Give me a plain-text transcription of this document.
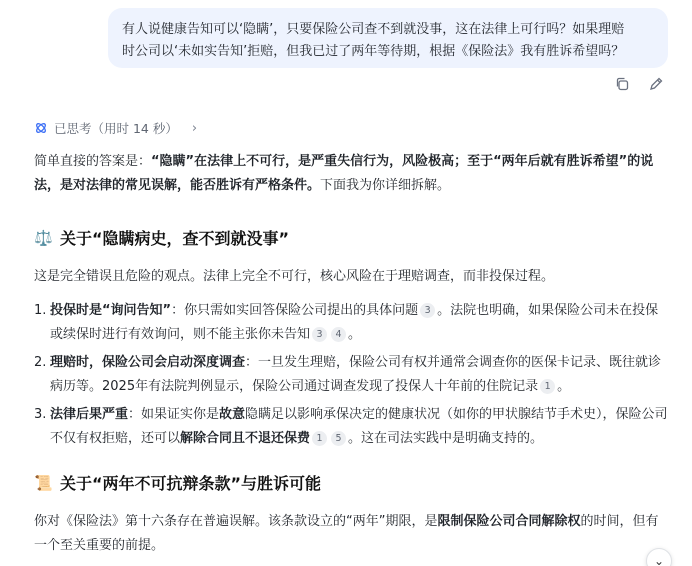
有人说健康告知可以‘隐瞒’，只要保险公司查不到就没事，这在法律上可行吗？如果理赔
时公司以‘未如实告知’拒赔，但我已过了两年等待期，根据《保险法》我有胜诉希望吗？
已思考（用时 14 秒） ›

简单直接的答案是：“隐瞒”在法律上不可行，是严重失信行为，风险极高；至于“两年后就有胜诉希望”的说法，是对法律的常见误解，能否胜诉有严格条件。下面我为你详细拆解。

⚖️ 关于“隐瞒病史，查不到就没事”

这是完全错误且危险的观点。法律上完全不可行，核心风险在于理赔调查，而非投保过程。

1. 投保时是“询问告知”：你只需如实回答保险公司提出的具体问题 3 。法院也明确，如果保险公司未在投保或续保时进行有效询问，则不能主张你未告知 3 4 。
2. 理赔时，保险公司会启动深度调查：一旦发生理赔，保险公司有权并通常会调查你的医保卡记录、既往就诊病历等。2025年有法院判例显示，保险公司通过调查发现了投保人十年前的住院记录 1 。
3. 法律后果严重：如果证实你是故意隐瞒足以影响承保决定的健康状况（如你的甲状腺结节手术史），保险公司不仅有权拒赔，还可以解除合同且不退还保费 1 5 。这在司法实践中是明确支持的。
📜 关于“两年不可抗辩条款”与胜诉可能

你对《保险法》第十六条存在普遍误解。该条款设立的“两年”期限，是限制保险公司合同解除权的时间，但有一个至关重要的前提。

⌄
